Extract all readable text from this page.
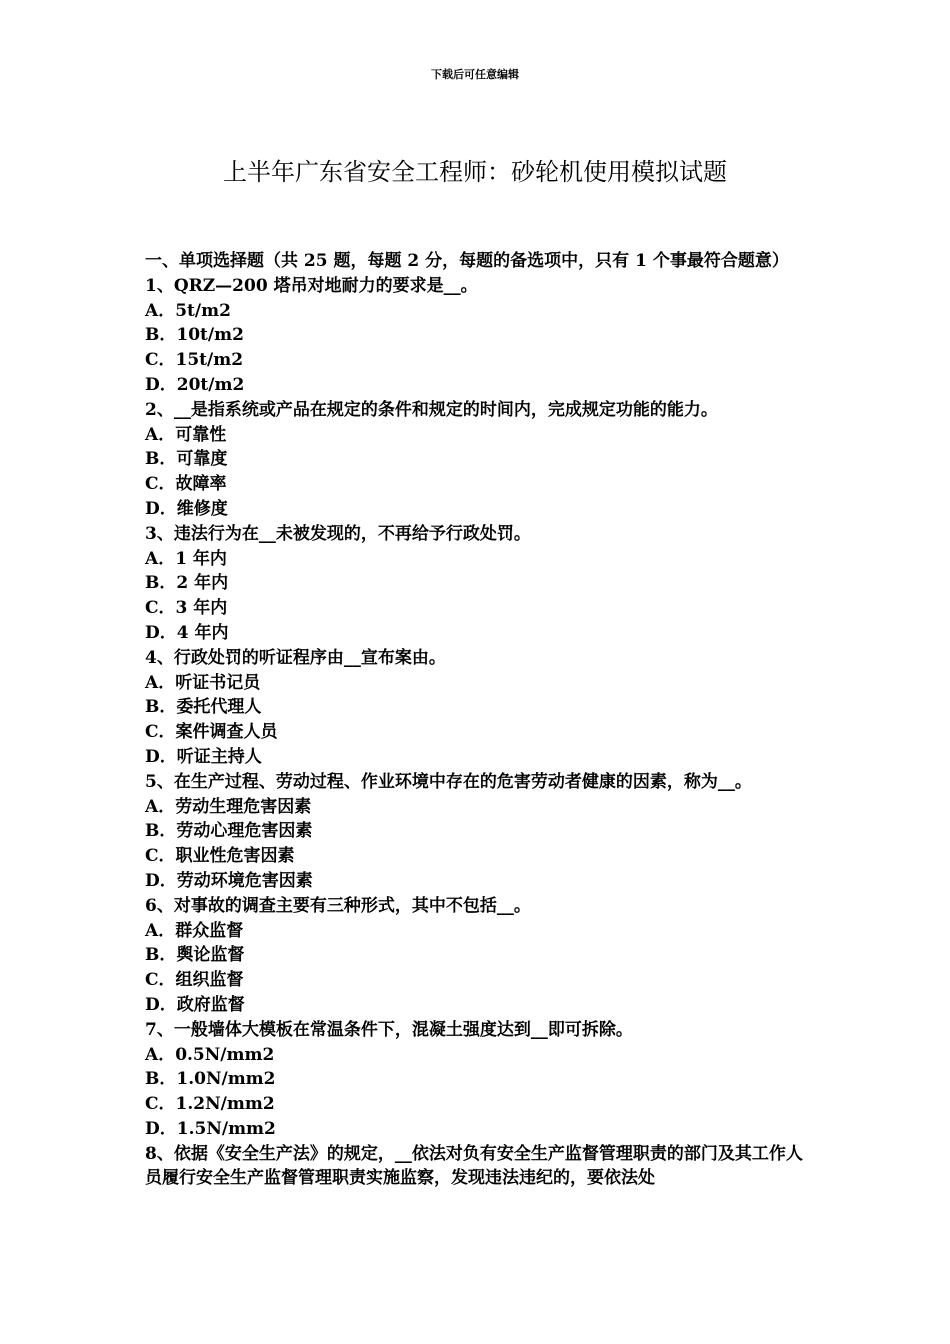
下载后可任意编辑
上半年广东省安全工程师：砂轮机使用模拟试题

一、单项选择题（共 25 题，每题 2 分，每题的备选项中，只有 1 个事最符合题意）

1、QRZ—200 塔吊对地耐力的要求是__。

A．5t/m2

B．10t/m2

C．15t/m2

D．20t/m2

2、__是指系统或产品在规定的条件和规定的时间内，完成规定功能的能力。

A．可靠性

B．可靠度

C．故障率

D．维修度

3、违法行为在__未被发现的，不再给予行政处罚。

A．1 年内

B．2 年内

C．3 年内

D．4 年内

4、行政处罚的听证程序由__宣布案由。

A．听证书记员

B．委托代理人

C．案件调查人员

D．听证主持人

5、在生产过程、劳动过程、作业环境中存在的危害劳动者健康的因素，称为__。

A．劳动生理危害因素

B．劳动心理危害因素

C．职业性危害因素

D．劳动环境危害因素

6、对事故的调查主要有三种形式，其中不包括__。

A．群众监督

B．舆论监督

C．组织监督

D．政府监督

7、一般墙体大模板在常温条件下，混凝土强度达到__即可拆除。

A．0.5N/mm2

B．1.0N/mm2

C．1.2N/mm2

D．1.5N/mm2

8、依据《安全生产法》的规定，__依法对负有安全生产监督管理职责的部门及其工作人员履行安全生产监督管理职责实施监察，发现违法违纪的，要依法处
